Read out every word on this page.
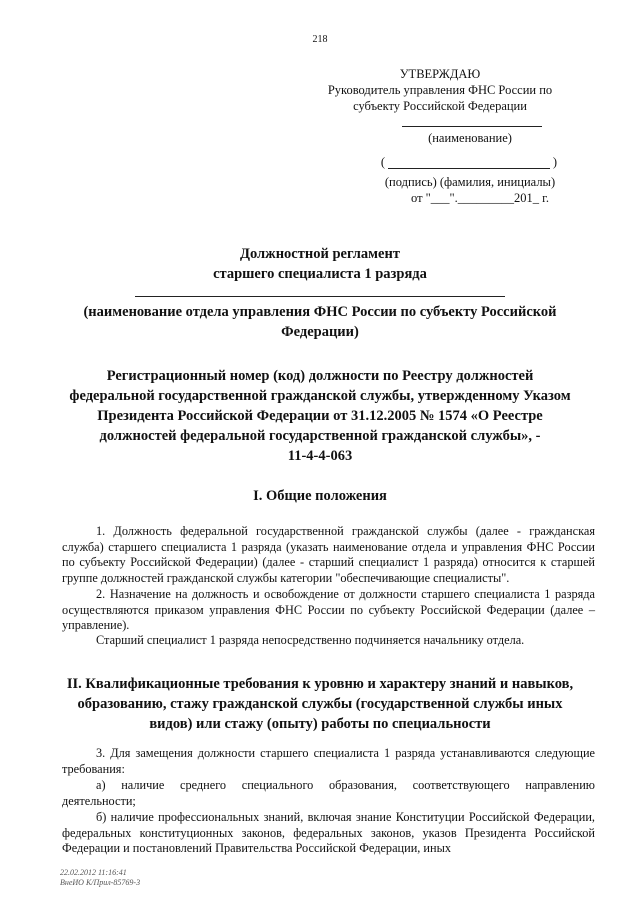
218
УТВЕРЖДАЮ
Руководитель управления ФНС России по
субъекту Российской Федерации
(наименование)
(	)
(подпись) (фамилия, инициалы)
от "___"._________201_ г.
Должностной регламент
старшего специалиста 1 разряда
(наименование отдела управления ФНС России по субъекту Российской
Федерации)
Регистрационный номер (код) должности по Реестру должностей
федеральной государственной гражданской службы, утвержденному Указом
Президента Российской Федерации от 31.12.2005 № 1574 «О Реестре
должностей федеральной государственной гражданской службы», -
11-4-4-063
I. Общие положения
1. Должность федеральной государственной гражданской службы (далее - гражданская служба) старшего специалиста 1 разряда (указать наименование отдела и управления ФНС России по субъекту Российской Федерации) (далее - старший специалист 1 разряда) относится к старшей группе должностей гражданской службы категории "обеспечивающие специалисты".
2. Назначение на должность и освобождение от должности старшего специалиста 1 разряда осуществляются приказом управления ФНС России по субъекту Российской Федерации (далее – управление).
Старший специалист 1 разряда непосредственно подчиняется начальнику отдела.
II. Квалификационные требования к уровню и характеру знаний и навыков,
образованию, стажу гражданской службы (государственной службы иных
видов) или стажу (опыту) работы по специальности
3. Для замещения должности старшего специалиста 1 разряда устанавливаются следующие требования:
а) наличие среднего специального образования, соответствующего направлению деятельности;
б) наличие профессиональных знаний, включая знание Конституции Российской Федерации, федеральных конституционных законов, федеральных законов, указов Президента Российской Федерации и постановлений Правительства Российской Федерации, иных
22.02.2012 11:16:41
ВнеИО К/Прил-85769-3
